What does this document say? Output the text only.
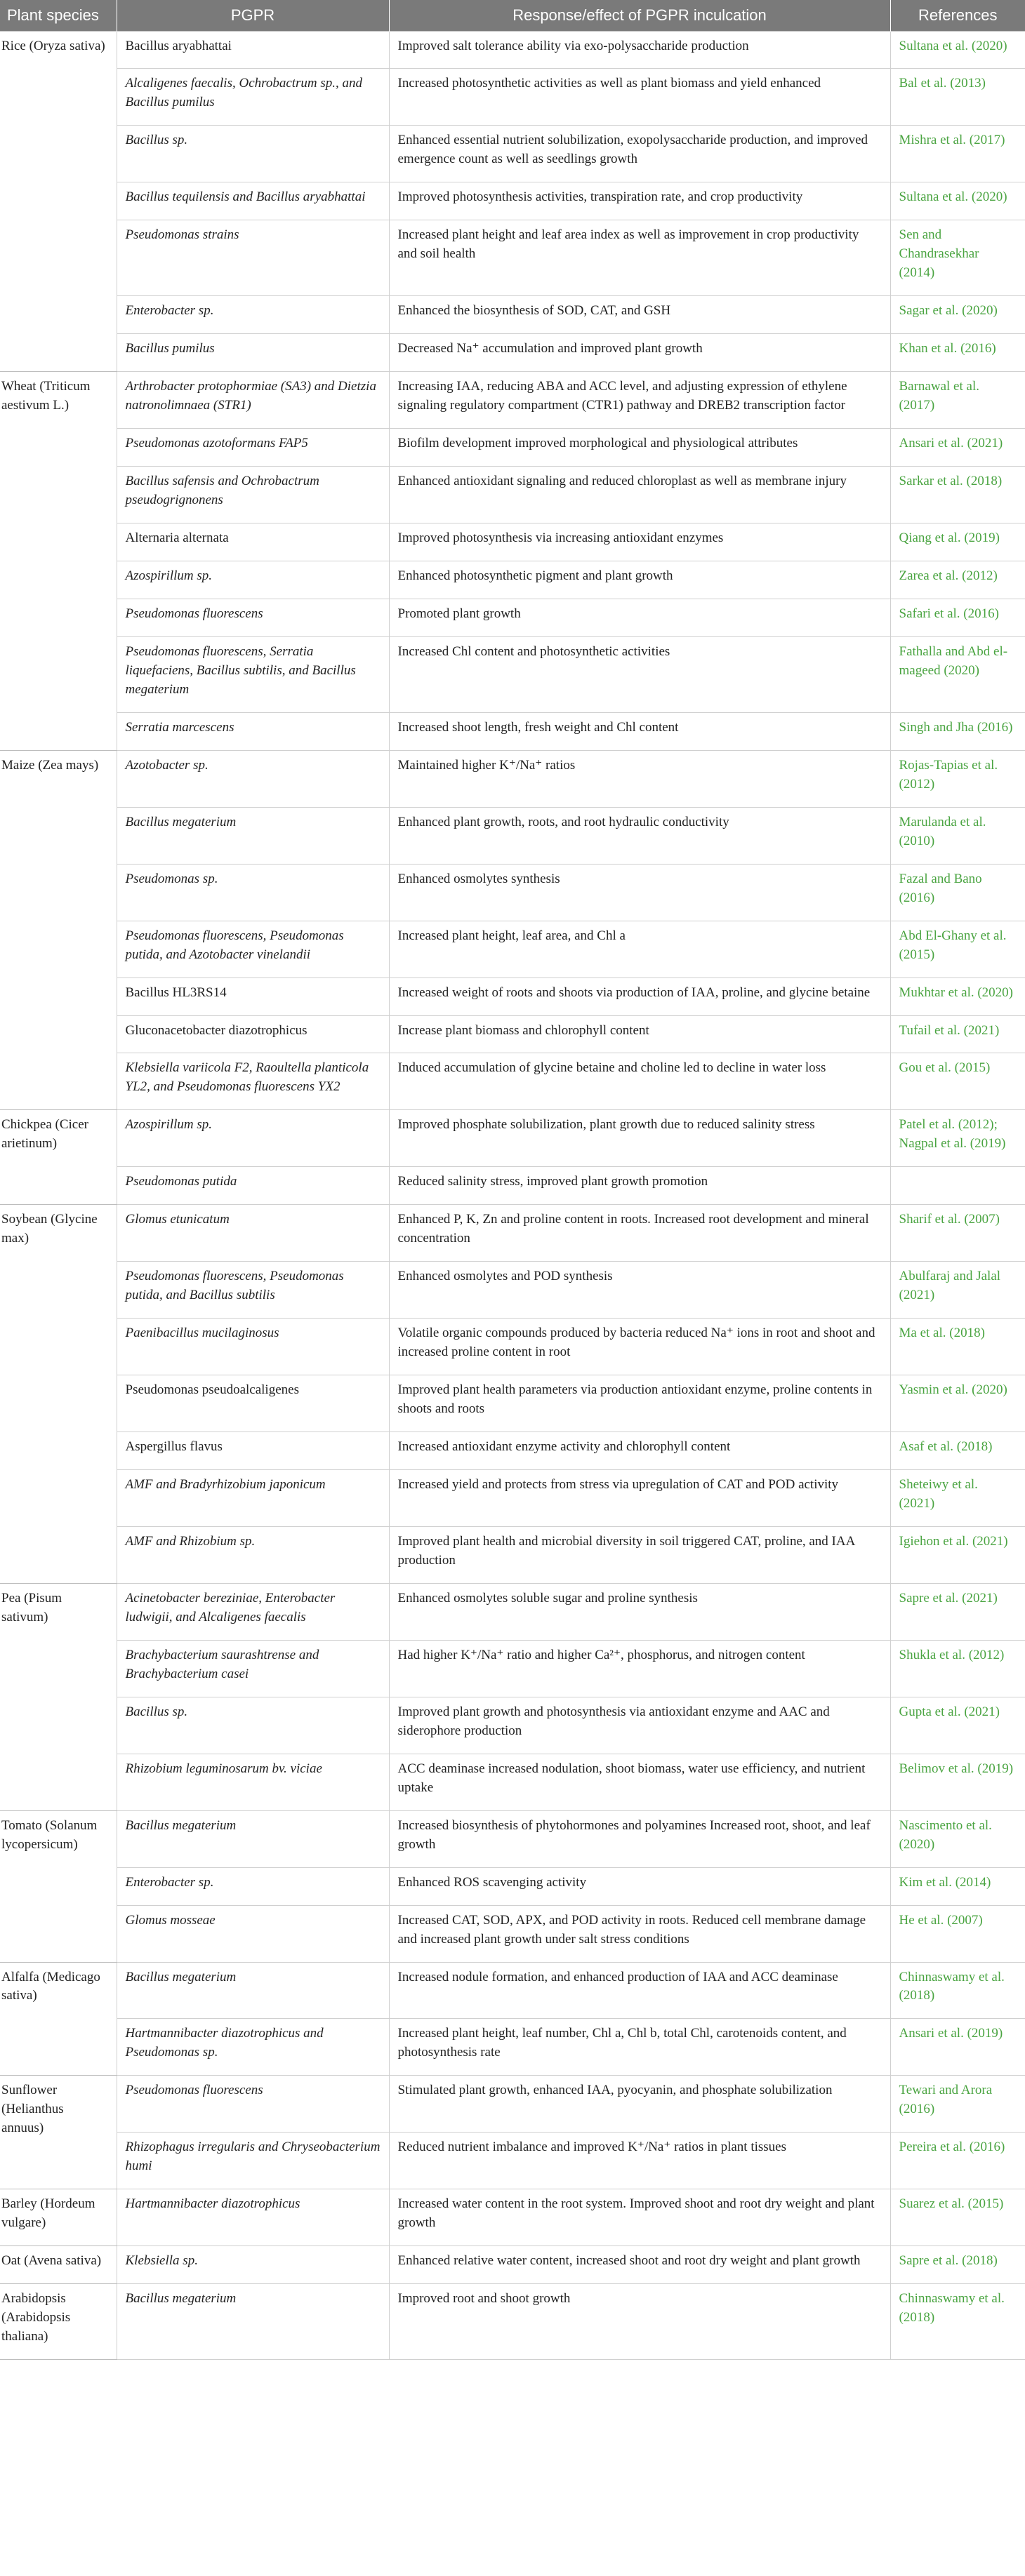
Plant species	PGPR	Response/effect of PGPR inculcation	References
Rice (Oryza sativa)	Bacillus aryabhattai	Improved salt tolerance ability via exo-polysaccharide production	Sultana et al. (2020)
	Alcaligenes faecalis, Ochrobactrum sp., and Bacillus pumilus	Increased photosynthetic activities as well as plant biomass and yield enhanced	Bal et al. (2013)
	Bacillus sp.	Enhanced essential nutrient solubilization, exopolysaccharide production, and improved emergence count as well as seedlings growth	Mishra et al. (2017)
	Bacillus tequilensis and Bacillus aryabhattai	Improved photosynthesis activities, transpiration rate, and crop productivity	Sultana et al. (2020)
	Pseudomonas strains	Increased plant height and leaf area index as well as improvement in crop productivity and soil health	Sen and Chandrasekhar (2014)
	Enterobacter sp.	Enhanced the biosynthesis of SOD, CAT, and GSH	Sagar et al. (2020)
	Bacillus pumilus	Decreased Na⁺ accumulation and improved plant growth	Khan et al. (2016)
Wheat (Triticum aestivum L.)	Arthrobacter protophormiae (SA3) and Dietzia natronolimnaea (STR1)	Increasing IAA, reducing ABA and ACC level, and adjusting expression of ethylene signaling regulatory compartment (CTR1) pathway and DREB2 transcription factor	Barnawal et al. (2017)
	Pseudomonas azotoformans FAP5	Biofilm development improved morphological and physiological attributes	Ansari et al. (2021)
	Bacillus safensis and Ochrobactrum pseudogrignonens	Enhanced antioxidant signaling and reduced chloroplast as well as membrane injury	Sarkar et al. (2018)
	Alternaria alternata	Improved photosynthesis via increasing antioxidant enzymes	Qiang et al. (2019)
	Azospirillum sp.	Enhanced photosynthetic pigment and plant growth	Zarea et al. (2012)
	Pseudomonas fluorescens	Promoted plant growth	Safari et al. (2016)
	Pseudomonas fluorescens, Serratia liquefaciens, Bacillus subtilis, and Bacillus megaterium	Increased Chl content and photosynthetic activities	Fathalla and Abd el-mageed (2020)
	Serratia marcescens	Increased shoot length, fresh weight and Chl content	Singh and Jha (2016)
Maize (Zea mays)	Azotobacter sp.	Maintained higher K⁺/Na⁺ ratios	Rojas-Tapias et al. (2012)
	Bacillus megaterium	Enhanced plant growth, roots, and root hydraulic conductivity	Marulanda et al. (2010)
	Pseudomonas sp.	Enhanced osmolytes synthesis	Fazal and Bano (2016)
	Pseudomonas fluorescens, Pseudomonas putida, and Azotobacter vinelandii	Increased plant height, leaf area, and Chl a	Abd El-Ghany et al. (2015)
	Bacillus HL3RS14	Increased weight of roots and shoots via production of IAA, proline, and glycine betaine	Mukhtar et al. (2020)
	Gluconacetobacter diazotrophicus	Increase plant biomass and chlorophyll content	Tufail et al. (2021)
	Klebsiella variicola F2, Raoultella planticola YL2, and Pseudomonas fluorescens YX2	Induced accumulation of glycine betaine and choline led to decline in water loss	Gou et al. (2015)
Chickpea (Cicer arietinum)	Azospirillum sp.	Improved phosphate solubilization, plant growth due to reduced salinity stress	Patel et al. (2012); Nagpal et al. (2019)
	Pseudomonas putida	Reduced salinity stress, improved plant growth promotion	
Soybean (Glycine max)	Glomus etunicatum	Enhanced P, K, Zn and proline content in roots. Increased root development and mineral concentration	Sharif et al. (2007)
	Pseudomonas fluorescens, Pseudomonas putida, and Bacillus subtilis	Enhanced osmolytes and POD synthesis	Abulfaraj and Jalal (2021)
	Paenibacillus mucilaginosus	Volatile organic compounds produced by bacteria reduced Na⁺ ions in root and shoot and increased proline content in root	Ma et al. (2018)
	Pseudomonas pseudoalcaligenes	Improved plant health parameters via production antioxidant enzyme, proline contents in shoots and roots	Yasmin et al. (2020)
	Aspergillus flavus	Increased antioxidant enzyme activity and chlorophyll content	Asaf et al. (2018)
	AMF and Bradyrhizobium japonicum	Increased yield and protects from stress via upregulation of CAT and POD activity	Sheteiwy et al. (2021)
	AMF and Rhizobium sp.	Improved plant health and microbial diversity in soil triggered CAT, proline, and IAA production	Igiehon et al. (2021)
Pea (Pisum sativum)	Acinetobacter bereziniae, Enterobacter ludwigii, and Alcaligenes faecalis	Enhanced osmolytes soluble sugar and proline synthesis	Sapre et al. (2021)
	Brachybacterium saurashtrense and Brachybacterium casei	Had higher K⁺/Na⁺ ratio and higher Ca²⁺, phosphorus, and nitrogen content	Shukla et al. (2012)
	Bacillus sp.	Improved plant growth and photosynthesis via antioxidant enzyme and AAC and siderophore production	Gupta et al. (2021)
	Rhizobium leguminosarum bv. viciae	ACC deaminase increased nodulation, shoot biomass, water use efficiency, and nutrient uptake	Belimov et al. (2019)
Tomato (Solanum lycopersicum)	Bacillus megaterium	Increased biosynthesis of phytohormones and polyamines Increased root, shoot, and leaf growth	Nascimento et al. (2020)
	Enterobacter sp.	Enhanced ROS scavenging activity	Kim et al. (2014)
	Glomus mosseae	Increased CAT, SOD, APX, and POD activity in roots. Reduced cell membrane damage and increased plant growth under salt stress conditions	He et al. (2007)
Alfalfa (Medicago sativa)	Bacillus megaterium	Increased nodule formation, and enhanced production of IAA and ACC deaminase	Chinnaswamy et al. (2018)
	Hartmannibacter diazotrophicus and Pseudomonas sp.	Increased plant height, leaf number, Chl a, Chl b, total Chl, carotenoids content, and photosynthesis rate	Ansari et al. (2019)
Sunflower (Helianthus annuus)	Pseudomonas fluorescens	Stimulated plant growth, enhanced IAA, pyocyanin, and phosphate solubilization	Tewari and Arora (2016)
	Rhizophagus irregularis and Chryseobacterium humi	Reduced nutrient imbalance and improved K⁺/Na⁺ ratios in plant tissues	Pereira et al. (2016)
Barley (Hordeum vulgare)	Hartmannibacter diazotrophicus	Increased water content in the root system. Improved shoot and root dry weight and plant growth	Suarez et al. (2015)
Oat (Avena sativa)	Klebsiella sp.	Enhanced relative water content, increased shoot and root dry weight and plant growth	Sapre et al. (2018)
Arabidopsis (Arabidopsis thaliana)	Bacillus megaterium	Improved root and shoot growth	Chinnaswamy et al. (2018)
